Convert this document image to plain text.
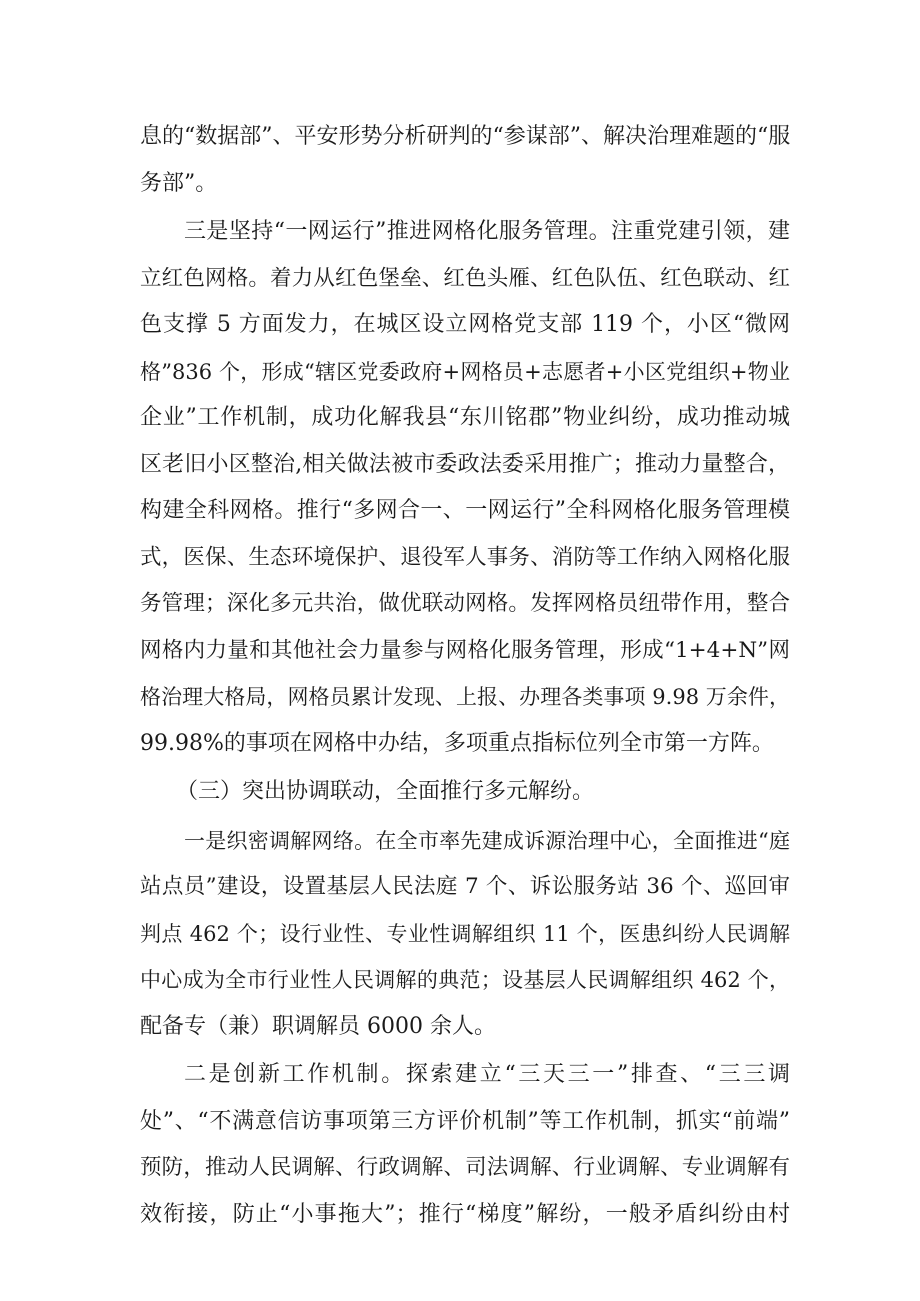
息的“数据部”、平安形势分析研判的“参谋部”、解决治理难题的“服
务部”。
三是坚持“一网运行”推进网格化服务管理。注重党建引领，建
立红色网格。着力从红色堡垒、红色头雁、红色队伍、红色联动、红
色支撑 5 方面发力，在城区设立网格党支部 119 个，小区“微网
格”836 个，形成“辖区党委政府+网格员+志愿者+小区党组织+物业
企业”工作机制，成功化解我县“东川铭郡”物业纠纷，成功推动城
区老旧小区整治,相关做法被市委政法委采用推广；推动力量整合，
构建全科网格。推行“多网合一、一网运行”全科网格化服务管理模
式，医保、生态环境保护、退役军人事务、消防等工作纳入网格化服
务管理；深化多元共治，做优联动网格。发挥网格员纽带作用，整合
网格内力量和其他社会力量参与网格化服务管理，形成“1+4+N”网
格治理大格局，网格员累计发现、上报、办理各类事项 9.98 万余件，
99.98%的事项在网格中办结，多项重点指标位列全市第一方阵。
（三）突出协调联动，全面推行多元解纷。
一是织密调解网络。在全市率先建成诉源治理中心，全面推进“庭
站点员”建设，设置基层人民法庭 7 个、诉讼服务站 36 个、巡回审
判点 462 个；设行业性、专业性调解组织 11 个，医患纠纷人民调解
中心成为全市行业性人民调解的典范；设基层人民调解组织 462 个，
配备专（兼）职调解员 6000 余人。
二是创新工作机制。探索建立“三天三一”排查、“三三调
处”、“不满意信访事项第三方评价机制”等工作机制，抓实“前端”
预防，推动人民调解、行政调解、司法调解、行业调解、专业调解有
效衔接，防止“小事拖大”；推行“梯度”解纷，一般矛盾纠纷由村
